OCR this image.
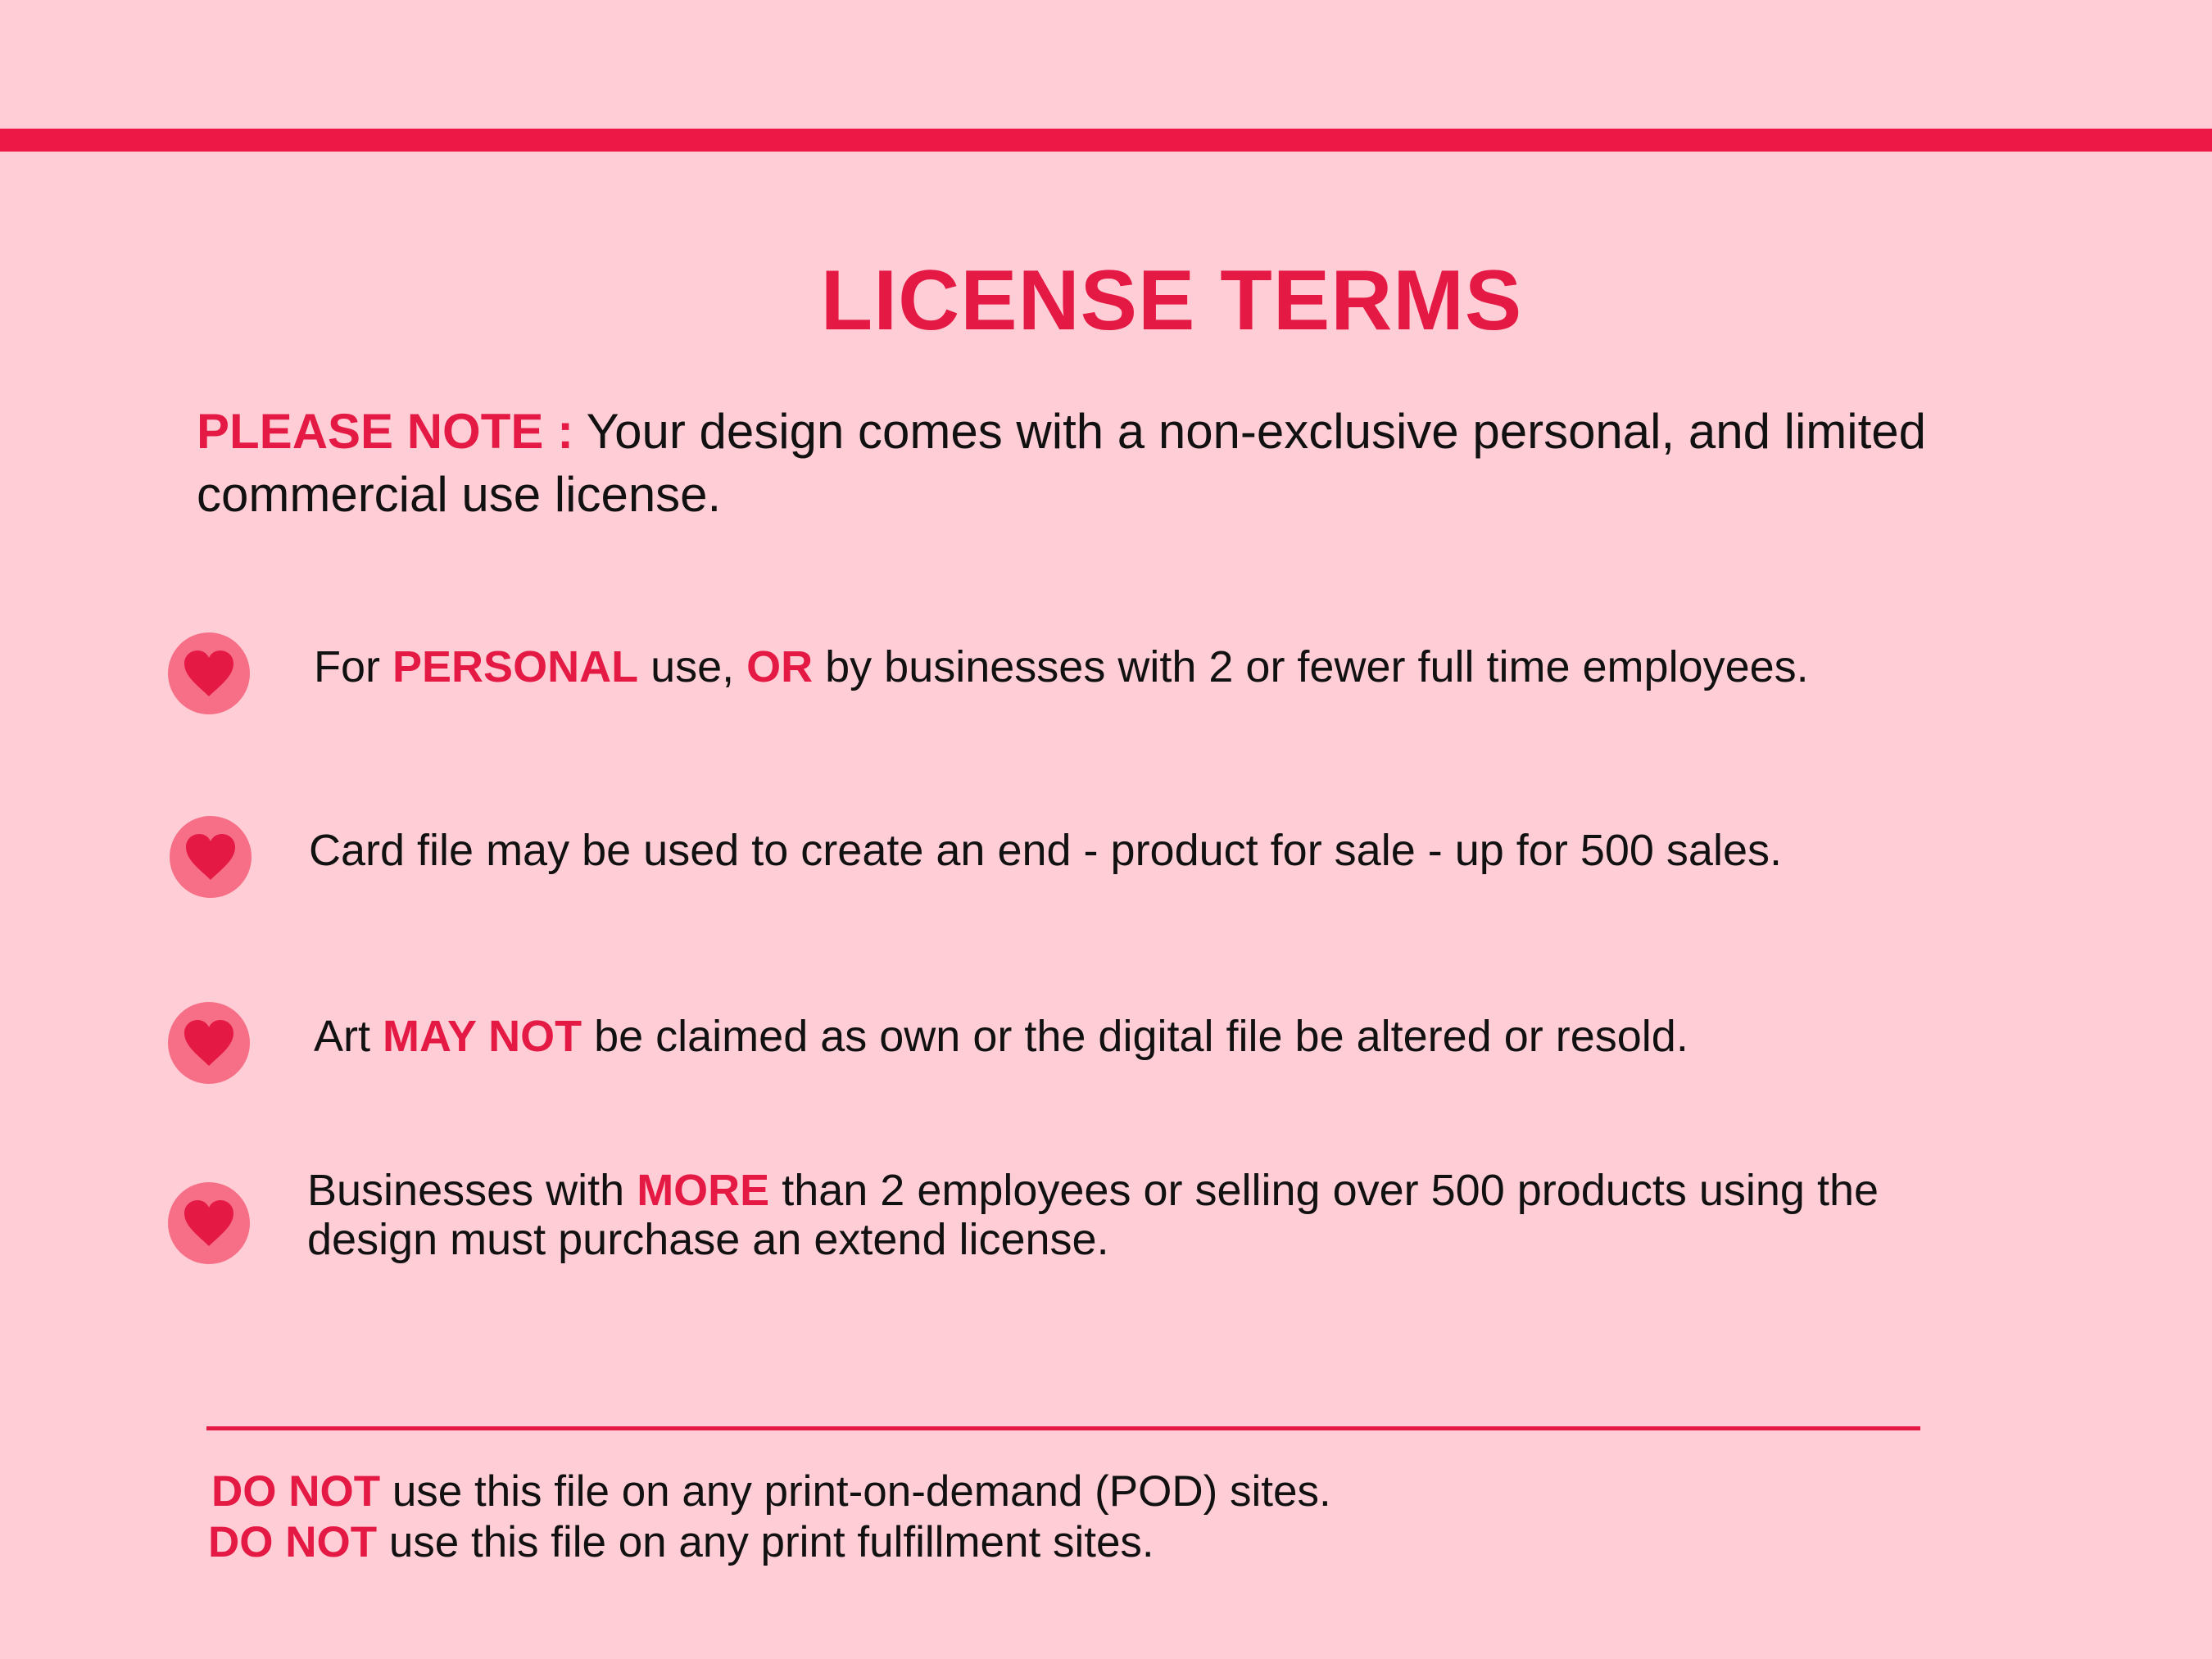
LICENSE TERMS
PLEASE NOTE : Your design comes with a non-exclusive personal, and limited commercial use license.
For PERSONAL use, OR by businesses with 2 or fewer full time employees.
Card file may be used to create an end - product for sale - up for 500 sales.
Art MAY NOT be claimed as own or the digital file be altered or resold.
Businesses with MORE than 2 employees or selling over 500 products using the design must purchase an extend license.
DO NOT use this file on any print-on-demand (POD) sites.
DO NOT use this file on any print fulfillment sites.
